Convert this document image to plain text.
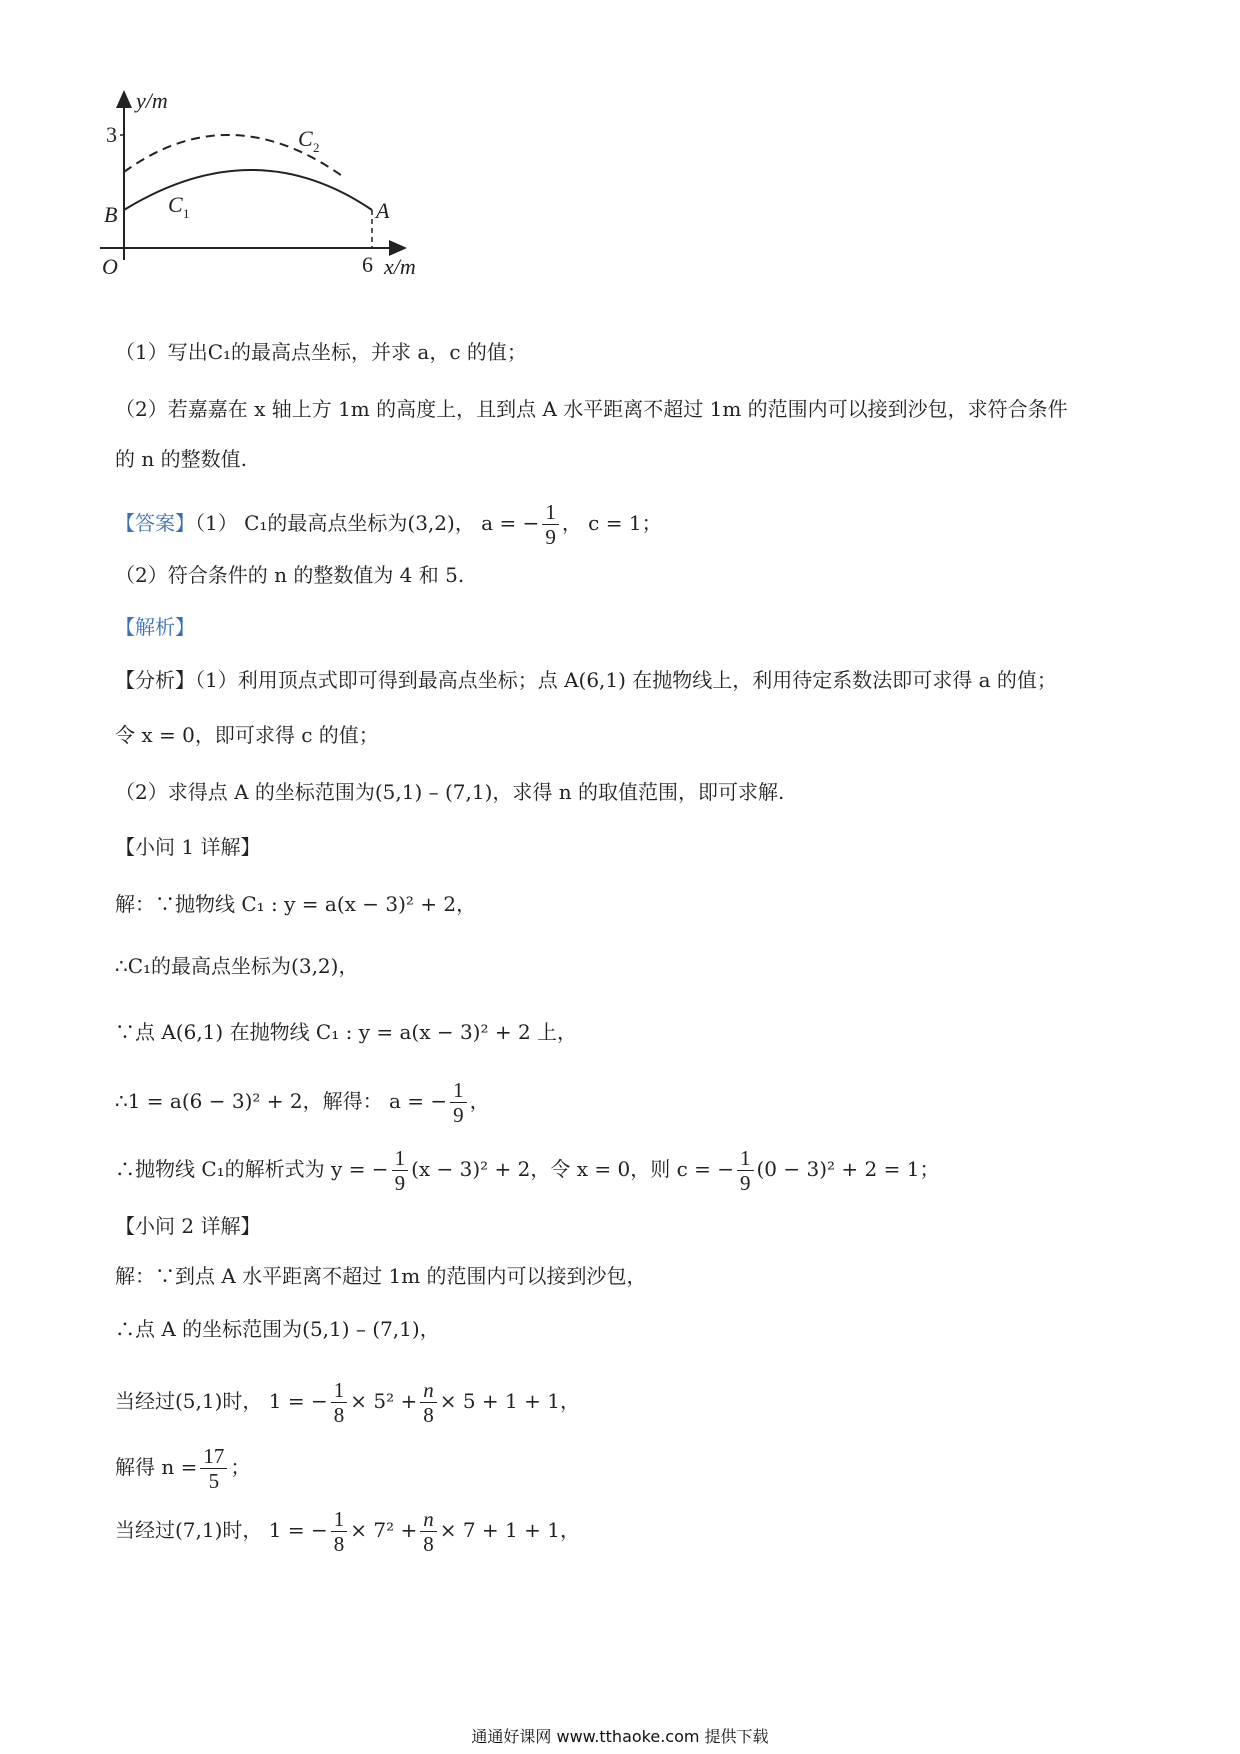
y/m
3
B	A
O	6 x/m
C 2
C 1
（1）写出C₁的最高点坐标，并求 a，c 的值；
（2）若嘉嘉在 x 轴上方 1m 的高度上，且到点 A 水平距离不超过 1m 的范围内可以接到沙包，求符合条件
的 n 的整数值.
【答案】（1） C₁的最高点坐标为(3,2)， a = − $\frac{1}{9}$ ， c = 1；
（2）符合条件的 n 的整数值为 4 和 5.
【解析】
【分析】（1）利用顶点式即可得到最高点坐标；点 A(6,1) 在抛物线上，利用待定系数法即可求得 a 的值；
令 x = 0，即可求得 c 的值；
（2）求得点 A 的坐标范围为(5,1) – (7,1)，求得 n 的取值范围，即可求解.
【小问 1 详解】
解：∵抛物线 C₁ : y = a(x − 3)² + 2，
∴C₁的最高点坐标为(3,2)，
∵点 A(6,1) 在抛物线 C₁ : y = a(x − 3)² + 2 上，
∴1 = a(6 − 3)² + 2，解得： a = − $\frac{1}{9}$ ，
∴抛物线 C₁的解析式为 y = − $\frac{1}{9} (x - 3)^2 + 2$，令 x = 0，则 c = − $\frac{1}{9} (0 - 3)^2 + 2 = 1$；
【小问 2 详解】
解：∵到点 A 水平距离不超过 1m 的范围内可以接到沙包，
∴点 A 的坐标范围为(5,1) – (7,1)，
当经过(5,1)时， 1 = − $\frac{1}{8} \times 5^2 + \frac{n}{8} \times 5 + 1 + 1$，
解得 $n = \frac{17}{5}$ ；
当经过(7,1)时， 1 = − $\frac{1}{8} \times 7^2 + \frac{n}{8} \times 7 + 1 + 1$，
通通好课网 www.tthaoke.com 提供下载
